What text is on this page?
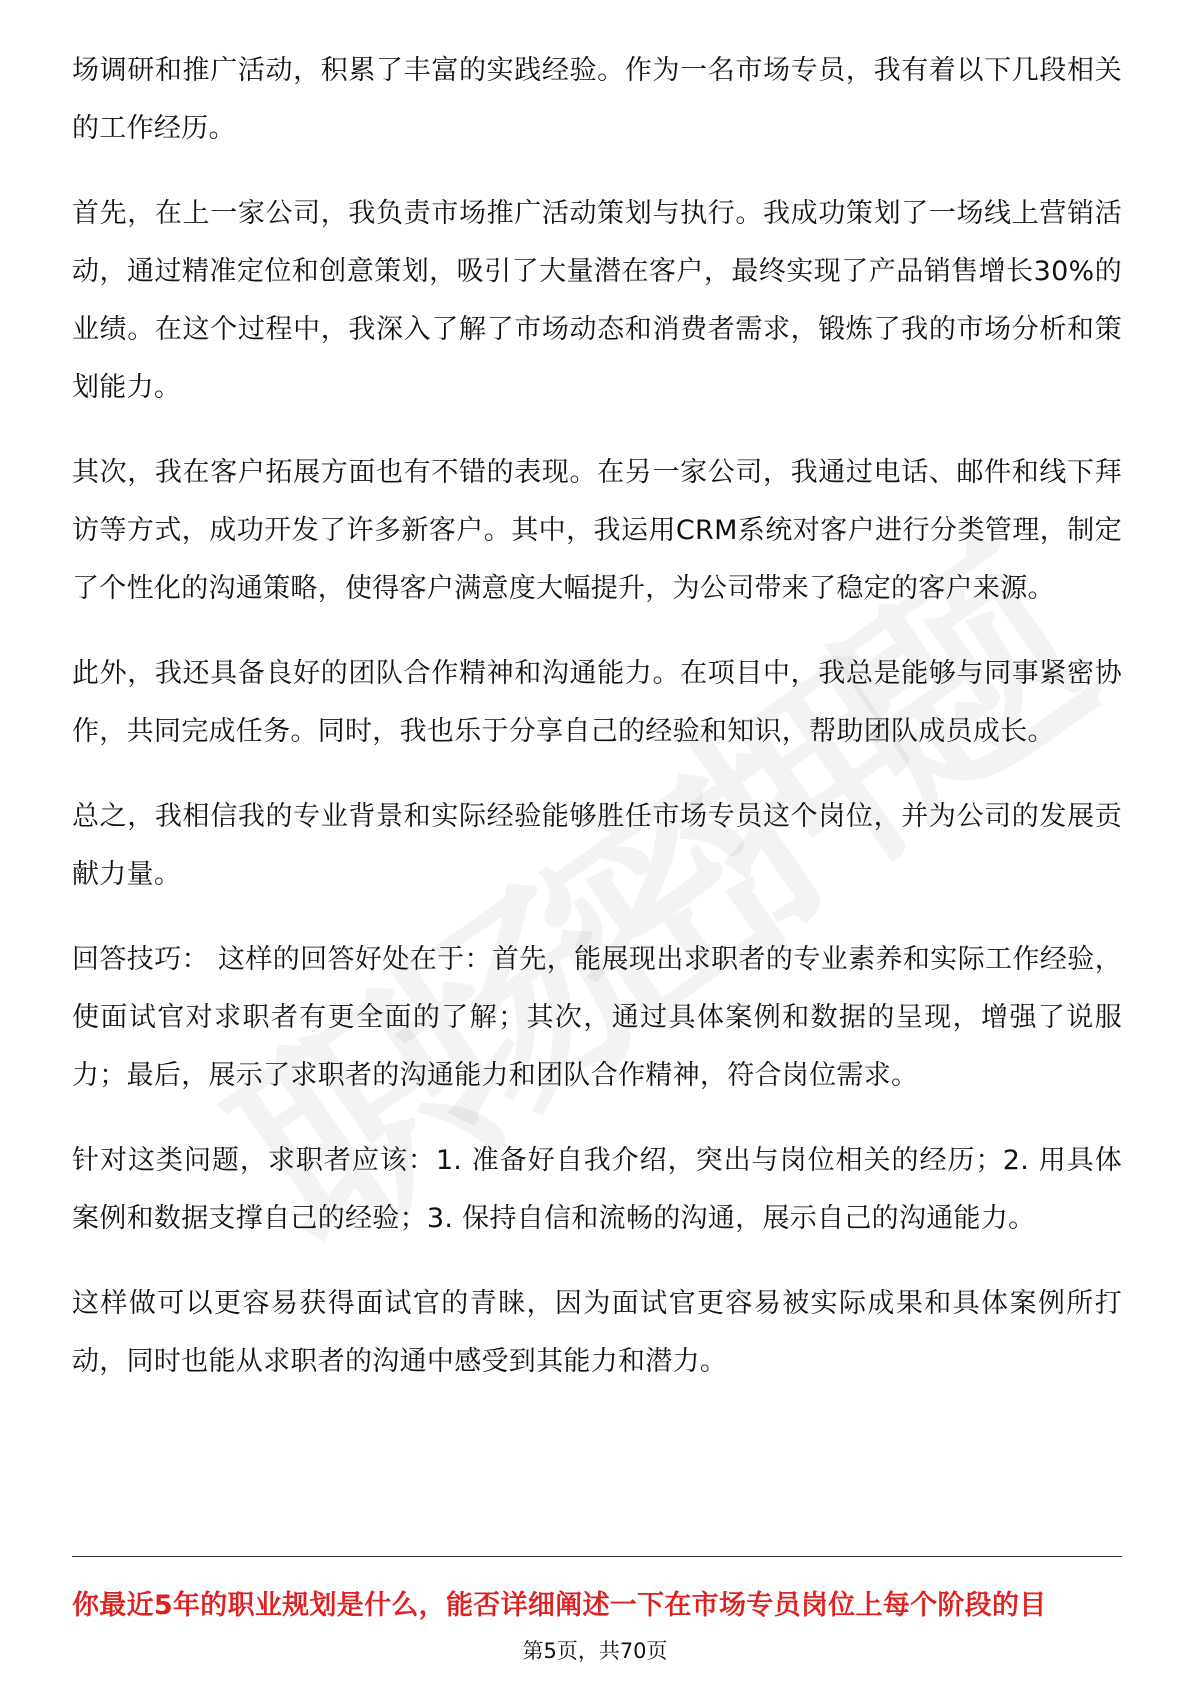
场调研和推广活动，积累了丰富的实践经验。作为一名市场专员，我有着以下几段相关的工作经历。

首先，在上一家公司，我负责市场推广活动策划与执行。我成功策划了一场线上营销活动，通过精准定位和创意策划，吸引了大量潜在客户，最终实现了产品销售增长30%的业绩。在这个过程中，我深入了解了市场动态和消费者需求，锻炼了我的市场分析和策划能力。

其次，我在客户拓展方面也有不错的表现。在另一家公司，我通过电话、邮件和线下拜访等方式，成功开发了许多新客户。其中，我运用CRM系统对客户进行分类管理，制定了个性化的沟通策略，使得客户满意度大幅提升，为公司带来了稳定的客户来源。

此外，我还具备良好的团队合作精神和沟通能力。在项目中，我总是能够与同事紧密协作，共同完成任务。同时，我也乐于分享自己的经验和知识，帮助团队成员成长。

总之，我相信我的专业背景和实际经验能够胜任市场专员这个岗位，并为公司的发展贡献力量。

回答技巧： 这样的回答好处在于：首先，能展现出求职者的专业素养和实际工作经验，使面试官对求职者有更全面的了解；其次，通过具体案例和数据的呈现，增强了说服力；最后，展示了求职者的沟通能力和团队合作精神，符合岗位需求。

针对这类问题，求职者应该：1. 准备好自我介绍，突出与岗位相关的经历；2. 用具体案例和数据支撑自己的经验；3. 保持自信和流畅的沟通，展示自己的沟通能力。

这样做可以更容易获得面试官的青睐，因为面试官更容易被实际成果和具体案例所打动，同时也能从求职者的沟通中感受到其能力和潜力。

你最近5年的职业规划是什么，能否详细阐述一下在市场专员岗位上每个阶段的目
第5页，共70页
